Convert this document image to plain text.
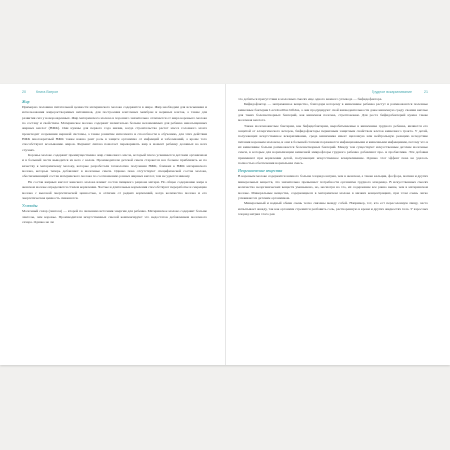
20	Книга Ватрон
Жир

Примерно половина питательной ценности материнского молока содержится в жире. Жир необходим для всасывания и использования жирорастворимых витаминов, для построения клеточных мембран и нервных клеток, а также для развития сил у новорожденных. Жир материнского молока в хорошего значительно отличается от жира коровьего молока по составу и свойствам. Материнское молоко содержит значительно больше незаменимых для ребенка ненасыщенных жирных кислот (НЖК). Они нужны для первого года жизни, когда строительства растет масса головного мозга происходит созревания нервной системы, а также развитие интеллекта и способности к обучению, для этих действия НЖК многократный НЖК также важно раит роль в защите организма от инфекций и заболеваний, а кроме того способствуют всасыванию жиров. Фермент липаза помогает переваривать жир в момент ребенку должных во всех случаях.

Коровье молоко содержит преимущественно жир сливочного масла, который плохо усваивается детским организмом и в большей части выводится из него с калом. Производители детской смеси стараются все больше приблизить ее по качеству к материнскому молоку, которые разработали технологию получения НЖК, близких к НЖК материнского молока, которые теперь добавляют в молочные смеси. Однако пока отсутствуют специфической состав молока, обеспечивающий состав материнского молока по соотношению разных жирных кислот, тем не удается никому.

На состав жирных кислот женского молока влияет состав пищевого рациона матери. Но общее содержание жира в женском молоке определяется стилем кормления. Частые и длительные кормления способствуют переработке и секрецию молока с высокой энергетической ценностью, в отличие от редких кормлений, когда количество молока и его энергетическая ценность снижаются.

Углеводы

Молочный сахар (лактоза) — второй по значению источник энергии для ребенка. Материнское молоко содержит больше лактозы, чем коровье. Производители искусственных смесей компенсируют это недостаток добавлением молочного сахара. Однако не ли

Грудное вскармливание	21

это добиться присутствия в молочных смесях еще одного важного углевода — бифидофактора.

Бифидофактор — непременное вещество, благодаря которому в кишечнике ребенка растут и размножаются полезные кишечные бактерии Lactobacillus bifidus, а они продуцируют свой жизнедеятельности даже кишечную среду своими кислые для таких болезнетворных бактерий, как кишечная палочка, стрептококки. Для роста бифидобактерий нужна также молочная кислота.

Также молочнокислые бактерии, как бифидобактерии, вырабатываемые в кишечнике грудного ребенка, являются его защитой от аллергического ветерок, бифидофакторы первичным защитным свойством клеток кишечного тракта. У детей, получающих искусственное вскармливание, среда кишечника имеет щелочную или нейтральную реакцию вследствие питания коровьим молоком, и они в большей степени поражаются инфекционными и кишечными инфекциями, потому что в их кишечнике больше размножается болезнетворных бактерий. Между тем существуют искусственные детские молочные смеси, в которые для нормализации кишечной микрофлоры грудного ребенка добавляют пре- и пробиотики. Эти добавки применяют при кормлении детей, получающих искусственное вскармливание. Однако этот эффект пока не удалось полностью обеспечения нормальная смесь.

Неорганические вещества

В коровьем молоке содержится намного больше хлорида натрия, чем в женском, а также кальция, фосфора, магния и других минеральных веществ, что значительно превышает потребности организма грудного младенца. В искусственных смесях количество неорганических веществ уменьшено, но, несмотря на это, их содержание все равно выше, чем в материнском молоке. Минеральные вещества, содержащиеся в материнском молоке в низких концентрациях, при этом очень легко усваиваются детским организмом.

Минеральный и водный обмен очень тесно связаны между собой. Например, тот, кто ест пересоленную пищу, часто испытывает жажду, так как организм стремится разбавить соль, растворенную в крови и других жидкостях тела. У взрослых хлорид натрия этого рав
